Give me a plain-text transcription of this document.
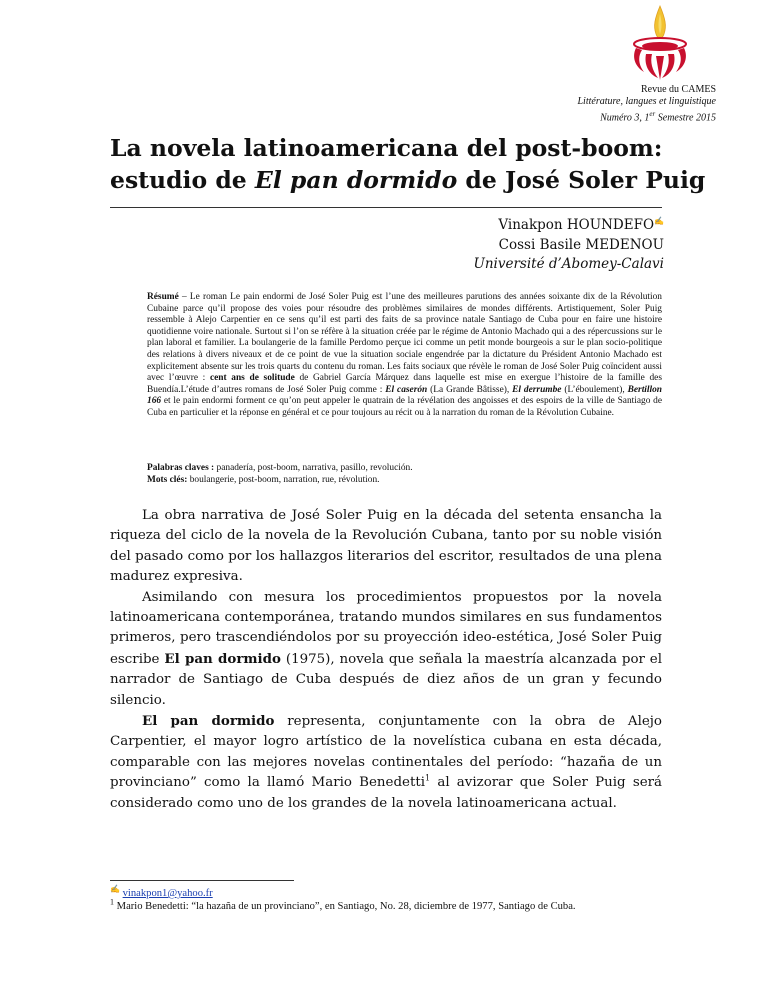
Revue du CAMES
Littérature, langues et linguistique
Numéro 3, 1er Semestre 2015
La novela latinoamericana del post-boom:
estudio de El pan dormido de José Soler Puig
Vinakpon HOUNDEFO✍
Cossi Basile MEDENOU
Université d’Abomey-Calavi

Résumé – Le roman Le pain endormi de José Soler Puig est l’une des meilleures parutions des années soixante dix de la Révolution Cubaine parce qu’il propose des voies pour résoudre des problèmes similaires de mondes différents. Artistiquement, Soler Puig ressemble à Alejo Carpentier en ce sens qu’il est parti des faits de sa province natale Santiago de Cuba pour en faire une histoire quotidienne voire nationale. Surtout si l’on se réfère à la situation créée par le régime de Antonio Machado qui a des répercussions sur le plan laboral et familier. La boulangerie de la famille Perdomo perçue ici comme un petit monde bourgeois a sur le plan socio-politique des relations à divers niveaux et de ce point de vue la situation sociale engendrée par la dictature du Président Antonio Machado est explicitement absente sur les trois quarts du contenu du roman. Les faits sociaux que révèle le roman de José Soler Puig coïncident aussi avec l’œuvre : cent ans de solitude de Gabriel García Márquez dans laquelle est mise en exergue l’histoire de la famille des Buendía.L’étude d’autres romans de José Soler Puig comme : El caserón (La Grande Bâtisse), El derrumbe (L’éboulement), Bertillon 166 et le pain endormi forment ce qu’on peut appeler le quatrain de la révélation des angoisses et des espoirs de la ville de Santiago de Cuba en particulier et la réponse en général et ce pour toujours au récit ou à la narration du roman de la Révolution Cubaine.

Palabras claves : panadería, post-boom, narrativa, pasillo, revolución.
Mots clés: boulangerie, post-boom, narration, rue, révolution.

La obra narrativa de José Soler Puig en la década del setenta ensancha la riqueza del ciclo de la novela de la Revolución Cubana, tanto por su noble visión del pasado como por los hallazgos literarios del escritor, resultados de una plena madurez expresiva.

Asimilando con mesura los procedimientos propuestos por la novela latinoamericana contemporánea, tratando mundos similares en sus fundamentos primeros, pero trascendiéndolos por su proyección ideo-estética, José Soler Puig escribe El pan dormido (1975), novela que señala la maestría alcanzada por el narrador de Santiago de Cuba después de diez años de un gran y fecundo silencio.

El pan dormido representa, conjuntamente con la obra de Alejo Carpentier, el mayor logro artístico de la novelística cubana en esta década, comparable con las mejores novelas continentales del período: “hazaña de un provinciano” como la llamó Mario Benedetti$^1$ al avizorar que Soler Puig será considerado como uno de los grandes de la novela latinoamericana actual.

✍ vinakpon1@yahoo.fr
$^1$ Mario Benedetti: “la hazaña de un provinciano”, en Santiago, No. 28, diciembre de 1977, Santiago de Cuba.
